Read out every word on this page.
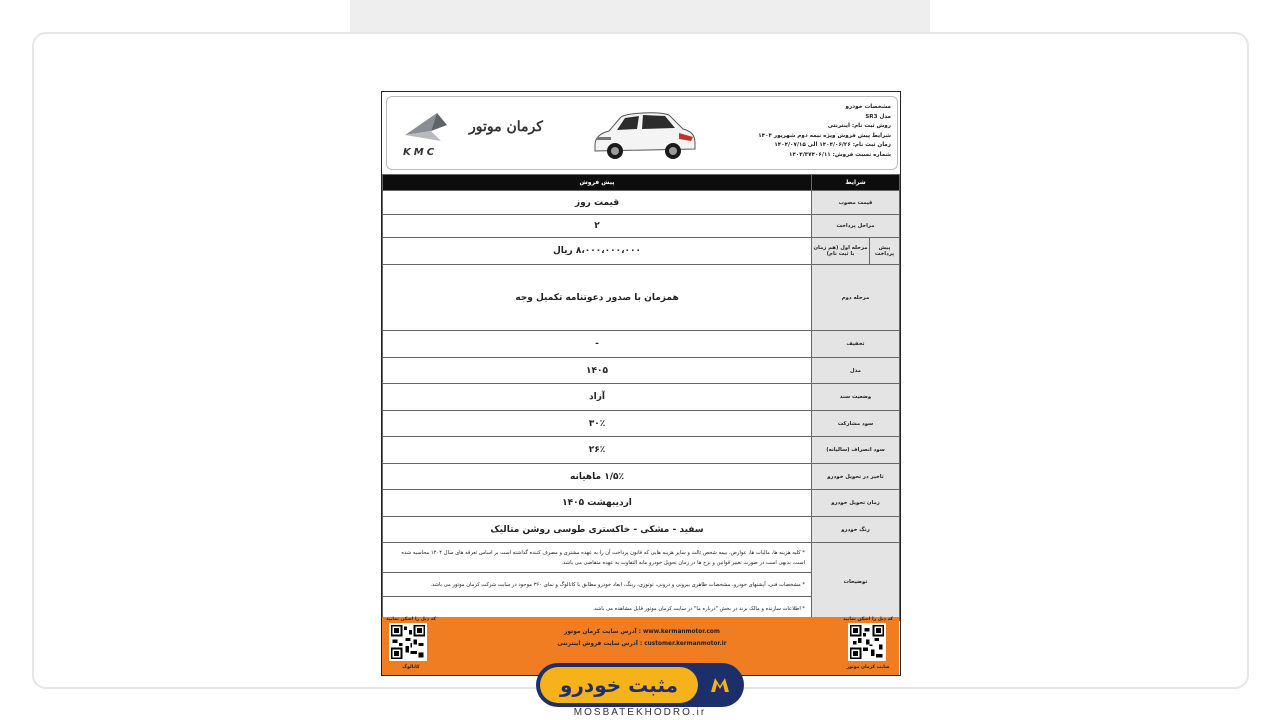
KMC
کرمان موتور
مشخصات خودرو
مدل SR3
روش ثبت نام: اینترنتی
شرایط پیش فروش ویژه نیمه دوم شهریور ۱۴۰۴
زمان ثبت نام: ۱۴۰۴/۰۶/۲۶ الی ۱۴۰۴/۰۷/۱۵
شماره نسبت فروش: ۱۴۰۴/۳۷۴۰۶/۱۱
شرایط		پیش فروش
قیمت مصوب		قیمت روز
مراحل پرداخت		۲
پیش پرداخت	مرحله اول (هم زمان با ثبت نام)	۸،۰۰۰،۰۰۰،۰۰۰ ریال
مرحله دوم		همزمان با صدور دعوتنامه تکمیل وجه
تخفیف		-
مدل		۱۴۰۵
وضعیت سند		آزاد
سود مشارکت		۳۰٪
سود انصراف (سالیانه)		۲۶٪
تاخیر در تحویل خودرو		۱/۵٪ ماهیانه
زمان تحویل خودرو		اردیبهشت ۱۴۰۵
رنگ خودرو		سفید - مشکی - خاکستری طوسی روشن متالیک
توضیحات		* کلیه هزینه ها، مالیات ها، عوارض، بیمه شخص ثالث و سایر هزینه هایی که قانون پرداخت آن را به عهده مشتری و مصرف کننده گذاشته است بر اساس تعرفه های سال ۱۴۰۴ محاسبه شده است، بدیهی است در صورت تغییر قوانین و نرخ ها در زمان تحویل خودرو مابه التفاوت به عهده متقاضی می باشد.
		* مشخصات فنی، آپشنهای خودرو، مشخصات ظاهری بیرونی و درونی، توتوزی، رینگ، ابعاد خودرو مطابق با کاتالوگ و نمای ۳۶۰ موجود در سایت شرکت کرمان موتور می باشد.
		* اطلاعات سازنده و مالک برند در بخش "درباره ما" در سایت کرمان موتور قابل مشاهده می باشد.
کد ذیل را اسکن نمایید
کاتالوگ
www.kermanmotor.com : آدرس سایت کرمان موتور
customer.kermanmotor.ir : آدرس سایت فروش اینترنتی
کد ذیل را اسکن نمایید
سایت کرمان موتور
مثبت خودرو
MOSBATEKHODRO.ir
